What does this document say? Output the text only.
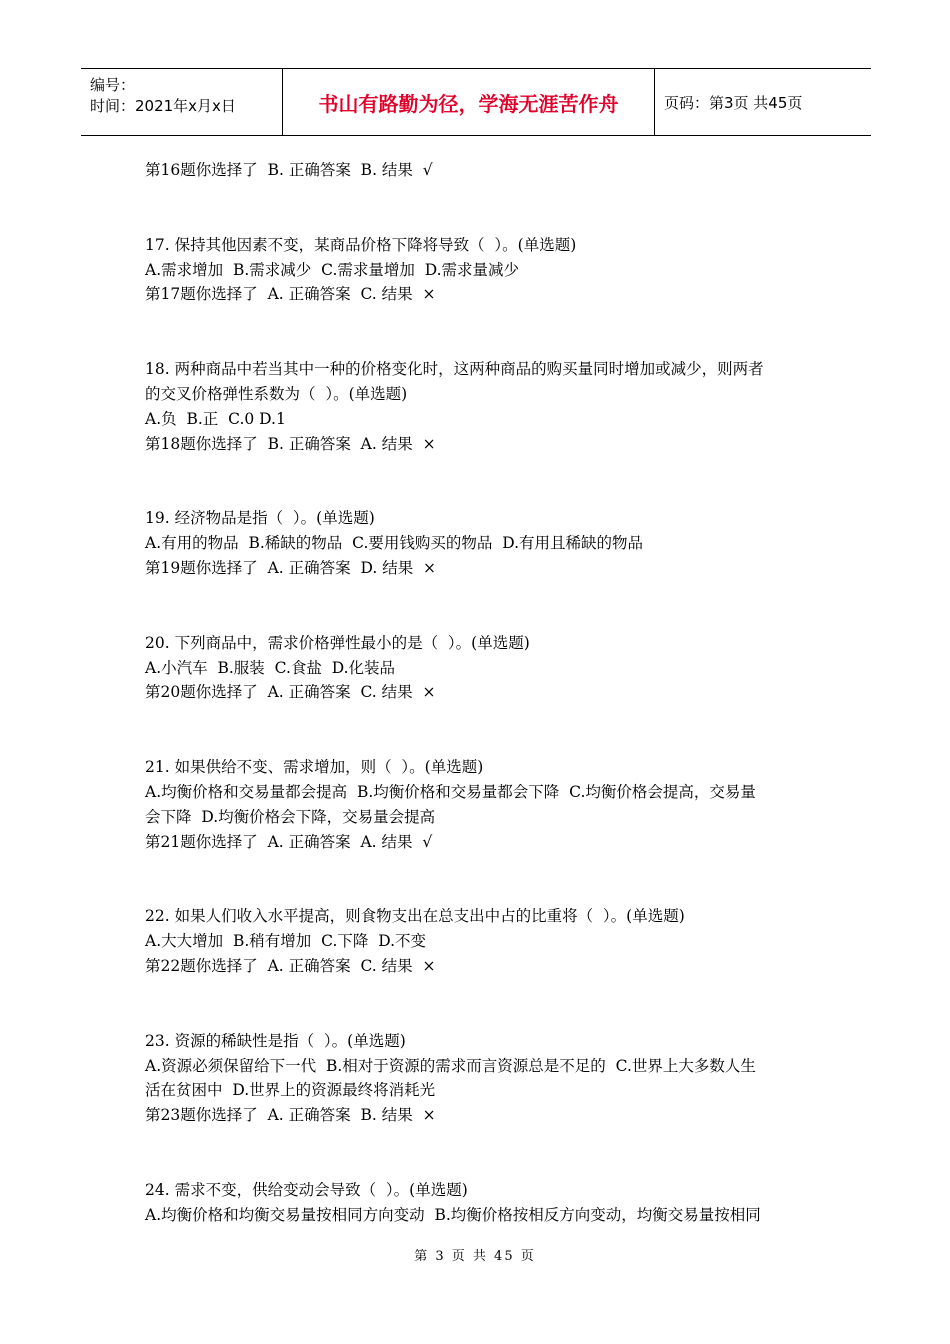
编号：
时间：2021年x月x日	书山有路勤为径，学海无涯苦作舟	页码：第3页 共45页

第16题你选择了  B. 正确答案  B. 结果  √

17. 保持其他因素不变，某商品价格下降将导致（  ）。(单选题)

A.需求增加  B.需求减少  C.需求量增加  D.需求量减少

第17题你选择了  A. 正确答案  C. 结果  ×

18. 两种商品中若当其中一种的价格变化时，这两种商品的购买量同时增加或减少，则两者

的交叉价格弹性系数为（  ）。(单选题)

A.负  B.正  C.0 D.1

第18题你选择了  B. 正确答案  A. 结果  ×

19. 经济物品是指（  ）。(单选题)

A.有用的物品  B.稀缺的物品  C.要用钱购买的物品  D.有用且稀缺的物品

第19题你选择了  A. 正确答案  D. 结果  ×

20. 下列商品中，需求价格弹性最小的是（  ）。(单选题)

A.小汽车  B.服装  C.食盐  D.化装品

第20题你选择了  A. 正确答案  C. 结果  ×

21. 如果供给不变、需求增加，则（  ）。(单选题)

A.均衡价格和交易量都会提高  B.均衡价格和交易量都会下降  C.均衡价格会提高，交易量

会下降  D.均衡价格会下降，交易量会提高

第21题你选择了  A. 正确答案  A. 结果  √

22. 如果人们收入水平提高，则食物支出在总支出中占的比重将（  ）。(单选题)

A.大大增加  B.稍有增加  C.下降  D.不变

第22题你选择了  A. 正确答案  C. 结果  ×

23. 资源的稀缺性是指（  ）。(单选题)

A.资源必须保留给下一代  B.相对于资源的需求而言资源总是不足的  C.世界上大多数人生

活在贫困中  D.世界上的资源最终将消耗光

第23题你选择了  A. 正确答案  B. 结果  ×

24. 需求不变，供给变动会导致（  ）。(单选题)

A.均衡价格和均衡交易量按相同方向变动  B.均衡价格按相反方向变动，均衡交易量按相同

第 3 页 共 45 页
